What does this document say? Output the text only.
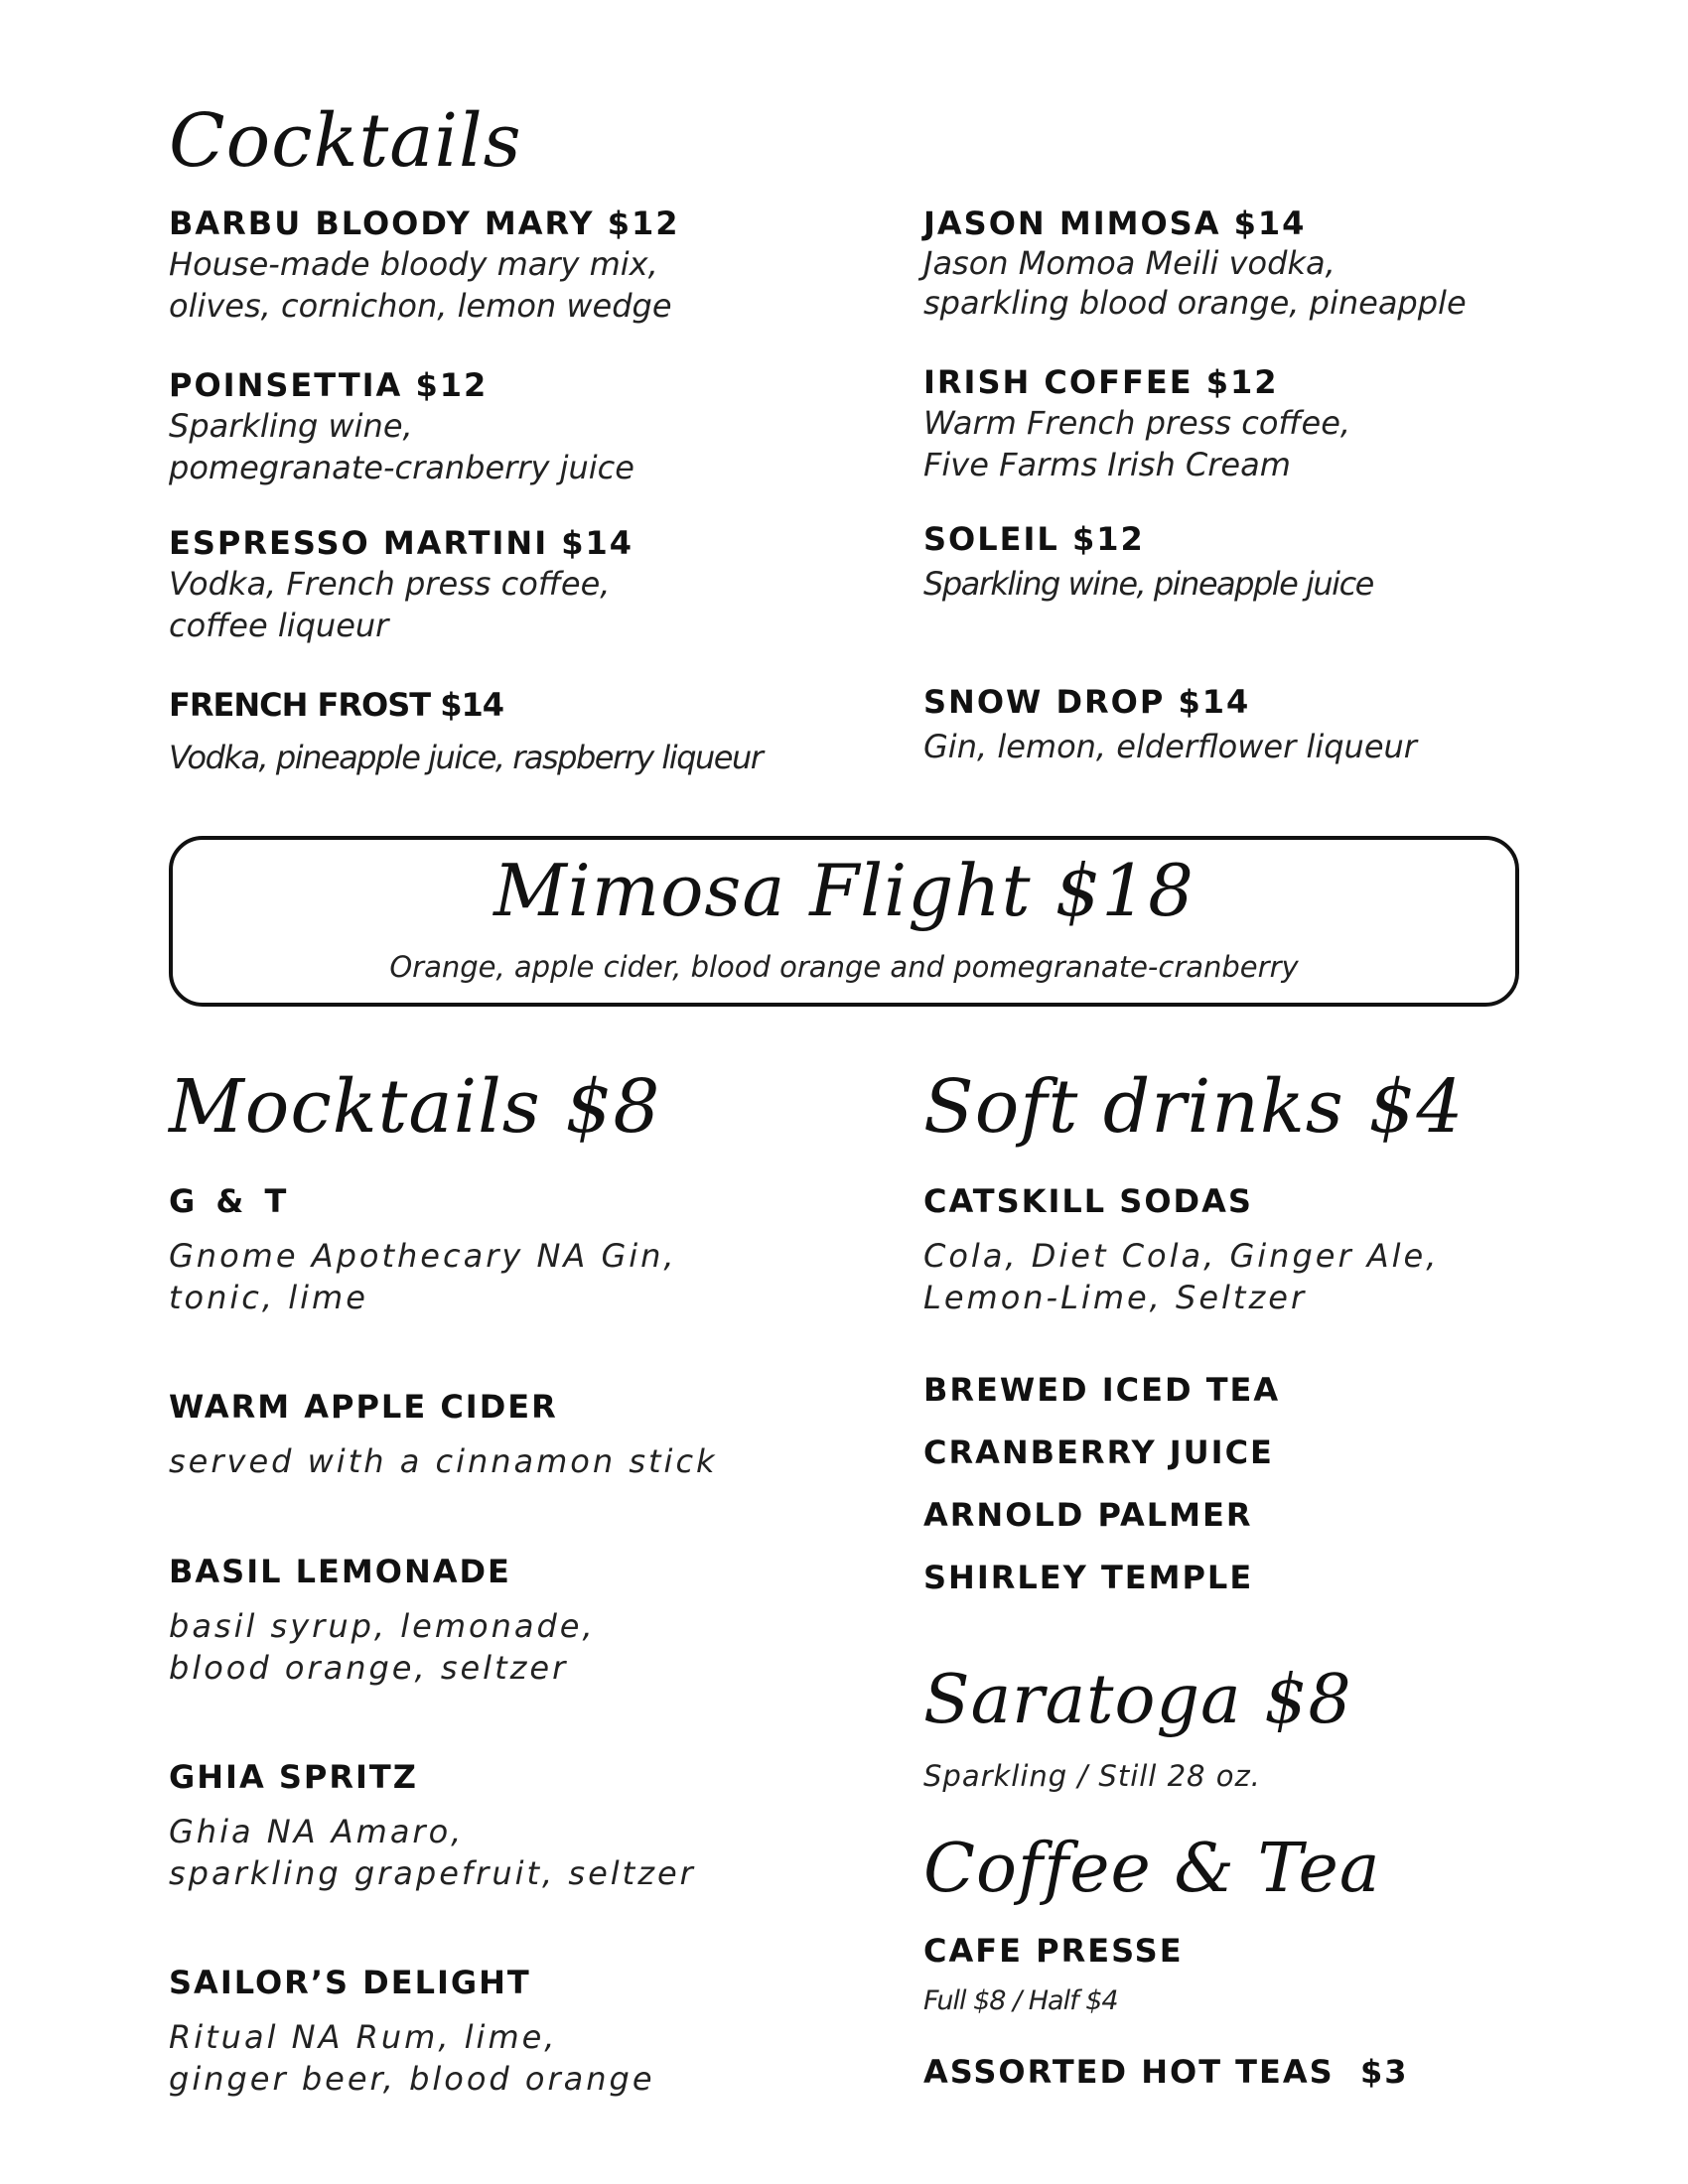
Cocktails
BARBU BLOODY MARY $12
House-made bloody mary mix,
olives, cornichon, lemon wedge
POINSETTIA $12
Sparkling wine,
pomegranate-cranberry juice
ESPRESSO MARTINI $14
Vodka, French press coffee,
coffee liqueur
FRENCH FROST $14
Vodka, pineapple juice, raspberry liqueur
JASON MIMOSA $14
Jason Momoa Meili vodka,
sparkling blood orange, pineapple
IRISH COFFEE $12
Warm French press coffee,
Five Farms Irish Cream
SOLEIL $12
Sparkling wine, pineapple juice
SNOW DROP $14
Gin, lemon, elderflower liqueur
Mimosa Flight $18
Orange, apple cider, blood orange and pomegranate-cranberry
Mocktails $8
G & T
Gnome Apothecary NA Gin,
tonic, lime
WARM APPLE CIDER
served with a cinnamon stick
BASIL LEMONADE
basil syrup, lemonade,
blood orange, seltzer
GHIA SPRITZ
Ghia NA Amaro,
sparkling grapefruit, seltzer
SAILOR’S DELIGHT
Ritual NA Rum, lime,
ginger beer, blood orange
Soft drinks $4
CATSKILL SODAS
Cola, Diet Cola, Ginger Ale,
Lemon-Lime, Seltzer
BREWED ICED TEA
CRANBERRY JUICE
ARNOLD PALMER
SHIRLEY TEMPLE
Saratoga $8
Sparkling / Still 28 oz.
Coffee & Tea
CAFE PRESSE
Full $8 / Half $4
ASSORTED HOT TEAS  $3
